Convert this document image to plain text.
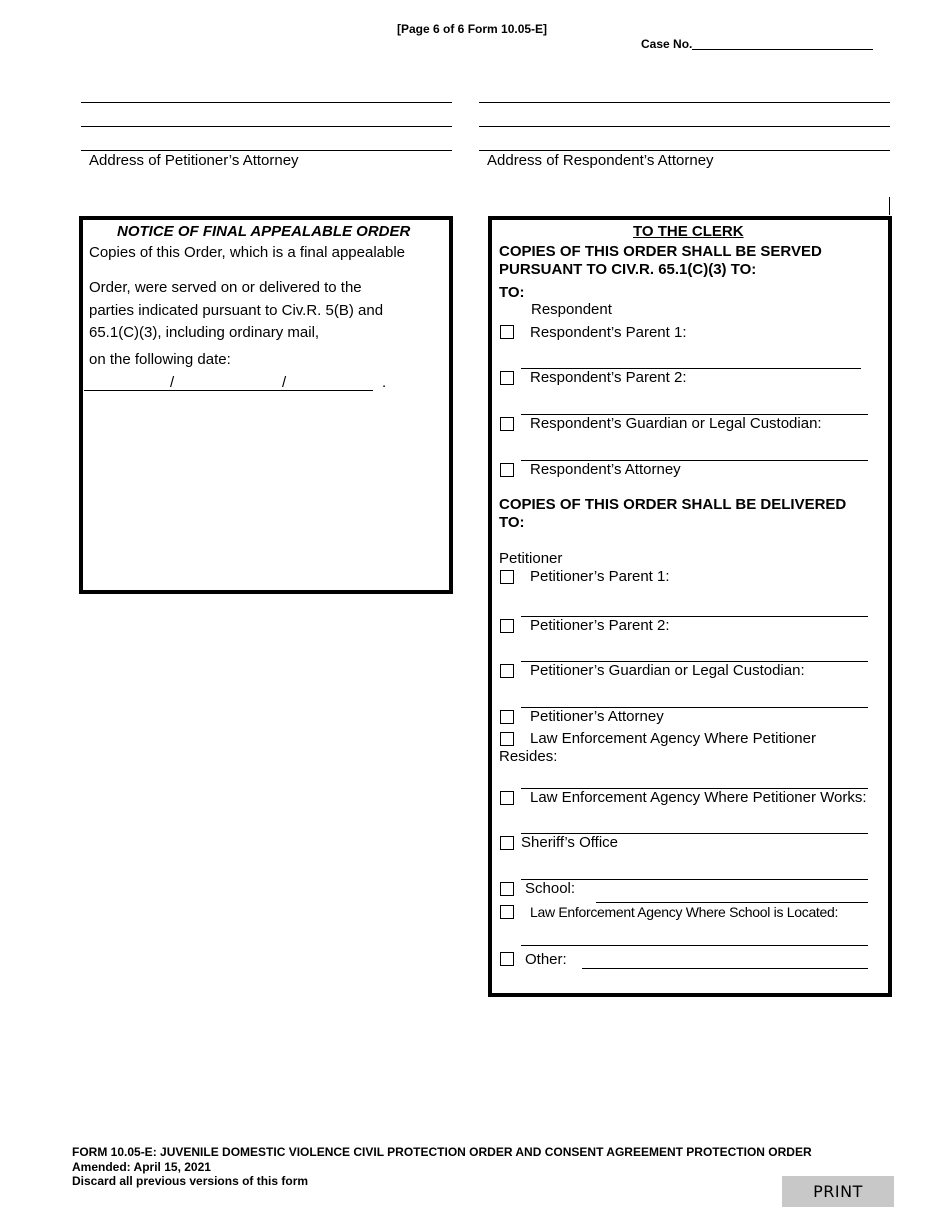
[Page 6 of 6 Form 10.05-E]
Case No.
Address of Petitioner’s Attorney	Address of Respondent’s Attorney
NOTICE OF FINAL APPEALABLE ORDER
Copies of this Order, which is a final appealable
Order, were served on or delivered to the
parties indicated pursuant to Civ.R. 5(B) and
65.1(C)(3), including ordinary mail,
on the following date:
/	/	.
TO THE CLERK
COPIES OF THIS ORDER SHALL BE SERVED
PURSUANT TO CIV.R. 65.1(C)(3) TO:
TO:
Respondent
Respondent’s Parent 1:
Respondent’s Parent 2:
Respondent’s Guardian or Legal Custodian:
Respondent’s Attorney
COPIES OF THIS ORDER SHALL BE DELIVERED
TO:
Petitioner
Petitioner’s Parent 1:
Petitioner’s Parent 2:
Petitioner’s Guardian or Legal Custodian:
Petitioner’s Attorney
Law Enforcement Agency Where Petitioner
Resides:
Law Enforcement Agency Where Petitioner Works:
Sheriff’s Office
School:
Law Enforcement Agency Where School is Located:
Other:
FORM 10.05-E: JUVENILE DOMESTIC VIOLENCE CIVIL PROTECTION ORDER AND CONSENT AGREEMENT PROTECTION ORDER
Amended: April 15, 2021
Discard all previous versions of this form
PRINT
